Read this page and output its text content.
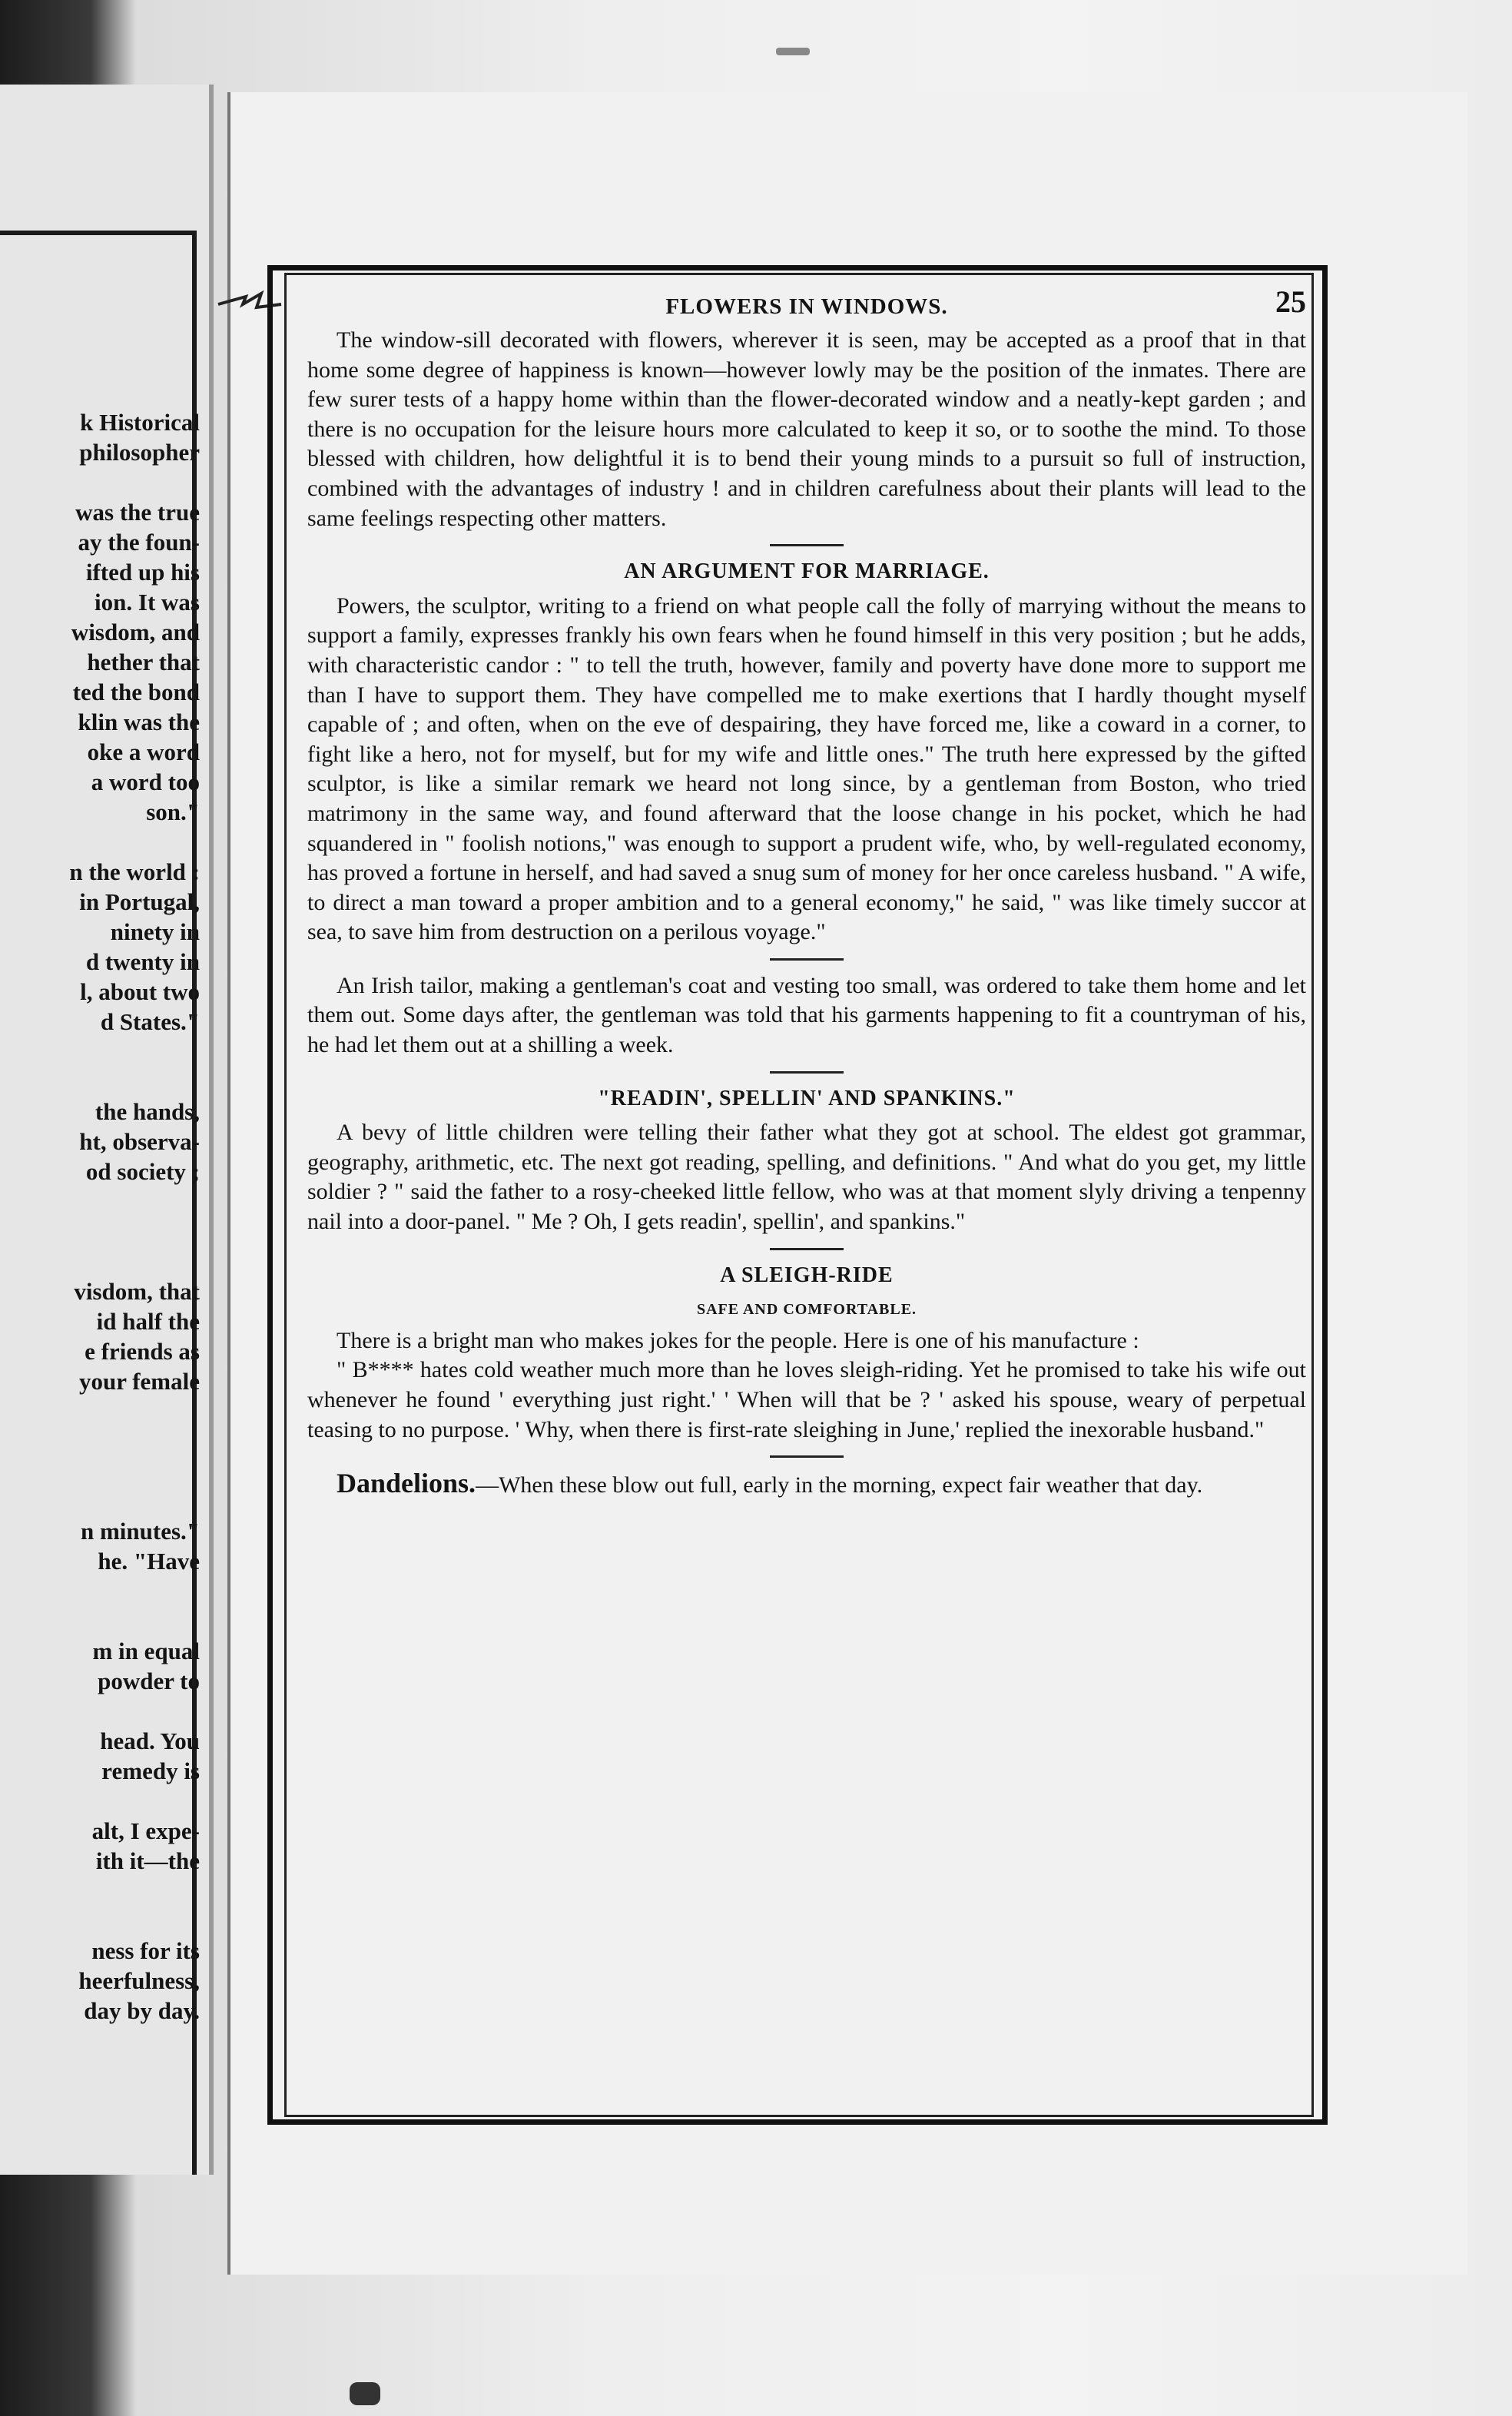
k Historical
philosopher
was the true
ay the foun-
ifted up his
ion. It was
wisdom, and
hether that
ted the bond
klin was the
oke a word
a word too
son."
n the world :
in Portugal,
ninety in
d twenty in
l, about two
d States."
the hands,
ht, observa-
od society ;
visdom, that
id half the
e friends as
your female
n minutes."
he. "Have
m in equal
powder to
head. You
remedy is
alt, I expe-
ith it—the
ness for its
heerfulness,
day by day.
FLOWERS IN WINDOWS.	25

The window-sill decorated with flowers, wherever it is seen, may be accepted as a proof that in that home some degree of happiness is known—however lowly may be the position of the inmates. There are few surer tests of a happy home within than the flower-decorated window and a neatly-kept garden ; and there is no occupation for the leisure hours more calculated to keep it so, or to soothe the mind. To those blessed with children, how delightful it is to bend their young minds to a pursuit so full of instruction, combined with the advantages of industry ! and in children carefulness about their plants will lead to the same feelings respecting other matters.

AN ARGUMENT FOR MARRIAGE.

Powers, the sculptor, writing to a friend on what people call the folly of marrying without the means to support a family, expresses frankly his own fears when he found himself in this very position ; but he adds, with characteristic candor : " to tell the truth, however, family and poverty have done more to support me than I have to support them. They have compelled me to make exertions that I hardly thought myself capable of ; and often, when on the eve of despairing, they have forced me, like a coward in a corner, to fight like a hero, not for myself, but for my wife and little ones." The truth here expressed by the gifted sculptor, is like a similar remark we heard not long since, by a gentleman from Boston, who tried matrimony in the same way, and found afterward that the loose change in his pocket, which he had squandered in " foolish notions," was enough to support a prudent wife, who, by well-regulated economy, has proved a fortune in herself, and had saved a snug sum of money for her once careless husband. " A wife, to direct a man toward a proper ambition and to a general economy," he said, " was like timely succor at sea, to save him from destruction on a perilous voyage."

An Irish tailor, making a gentleman's coat and vesting too small, was ordered to take them home and let them out. Some days after, the gentleman was told that his garments happening to fit a countryman of his, he had let them out at a shilling a week.

"READIN', SPELLIN' AND SPANKINS."

A bevy of little children were telling their father what they got at school. The eldest got grammar, geography, arithmetic, etc. The next got reading, spelling, and definitions. " And what do you get, my little soldier ? " said the father to a rosy-cheeked little fellow, who was at that moment slyly driving a tenpenny nail into a door-panel. " Me ? Oh, I gets readin', spellin', and spankins."

A SLEIGH-RIDE
SAFE AND COMFORTABLE.

There is a bright man who makes jokes for the people. Here is one of his manufacture :

" B**** hates cold weather much more than he loves sleigh-riding. Yet he promised to take his wife out whenever he found ' everything just right.' ' When will that be ? ' asked his spouse, weary of perpetual teasing to no purpose. ' Why, when there is first-rate sleighing in June,' replied the inexorable husband."

Dandelions.—When these blow out full, early in the morning, expect fair weather that day.
